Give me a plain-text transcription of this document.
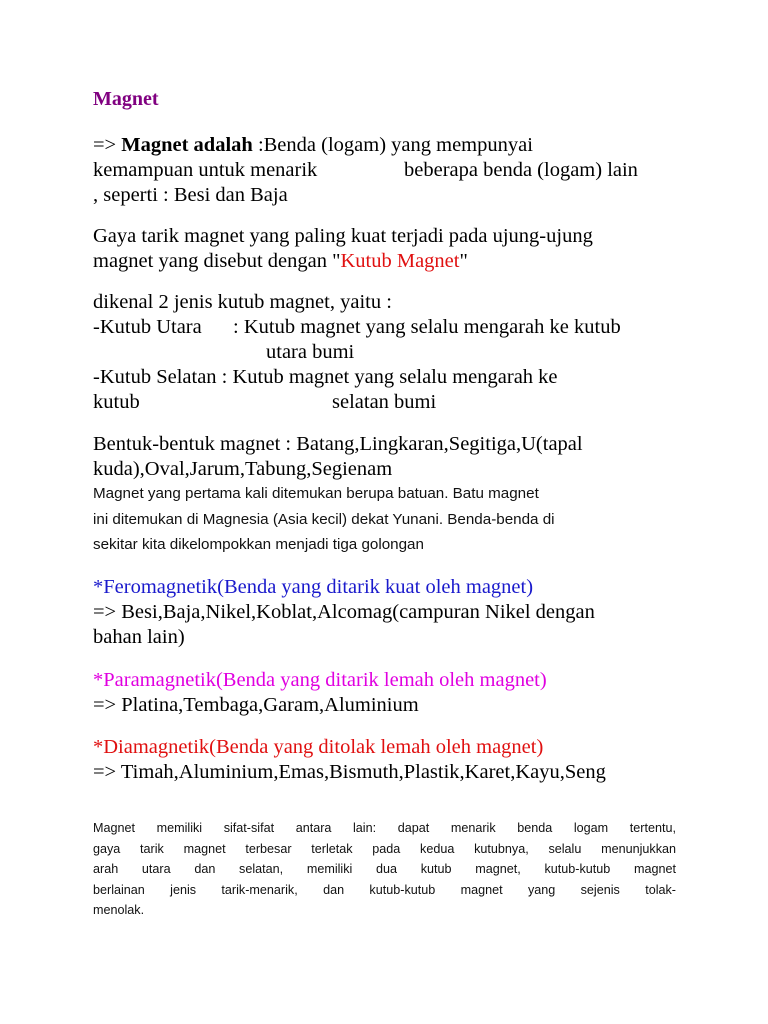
Magnet
=> Magnet adalah :Benda (logam) yang mempunyai
kemampuan untuk menarik	beberapa benda (logam) lain
, seperti : Besi dan Baja
Gaya tarik magnet yang paling kuat terjadi pada ujung-ujung
magnet yang disebut dengan "Kutub Magnet"
dikenal 2 jenis kutub magnet, yaitu :
-Kutub Utara : Kutub magnet yang selalu mengarah ke kutub
utara bumi
-Kutub Selatan : Kutub magnet yang selalu mengarah ke
kutub	selatan bumi
Bentuk-bentuk magnet : Batang,Lingkaran,Segitiga,U(tapal
kuda),Oval,Jarum,Tabung,Segienam
Magnet yang pertama kali ditemukan berupa batuan. Batu magnet
ini ditemukan di Magnesia (Asia kecil) dekat Yunani. Benda-benda di
sekitar kita dikelompokkan menjadi tiga golongan
*Feromagnetik(Benda yang ditarik kuat oleh magnet)
=> Besi,Baja,Nikel,Koblat,Alcomag(campuran Nikel dengan
bahan lain)
*Paramagnetik(Benda yang ditarik lemah oleh magnet)
=> Platina,Tembaga,Garam,Aluminium
*Diamagnetik(Benda yang ditolak lemah oleh magnet)
=> Timah,Aluminium,Emas,Bismuth,Plastik,Karet,Kayu,Seng
Magnet memiliki sifat-sifat antara lain: dapat menarik benda logam tertentu,
gaya tarik magnet terbesar terletak pada kedua kutubnya, selalu menunjukkan
arah utara dan selatan, memiliki dua kutub magnet, kutub-kutub magnet
berlainan jenis tarik-menarik, dan kutub-kutub magnet yang sejenis tolak-
menolak.
